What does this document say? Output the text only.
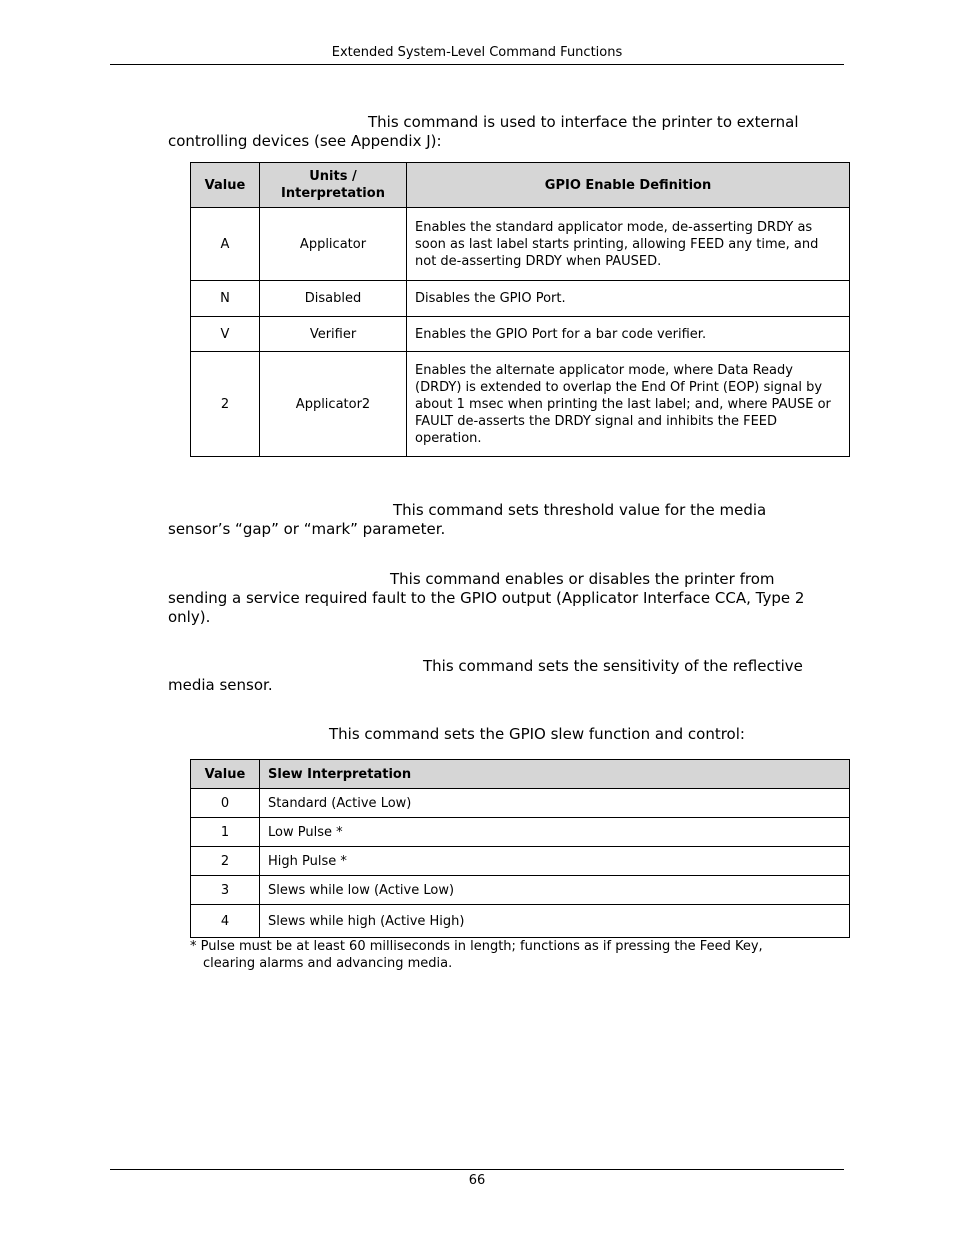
Extended System-Level Command Functions
This command is used to interface the printer to external
controlling devices (see Appendix J):
Value	Units / Interpretation	GPIO Enable Definition
A	Applicator	Enables the standard applicator mode, de-asserting DRDY as soon as last label starts printing, allowing FEED any time, and not de-asserting DRDY when PAUSED.
N	Disabled	Disables the GPIO Port.
V	Verifier	Enables the GPIO Port for a bar code verifier.
2	Applicator2	Enables the alternate applicator mode, where Data Ready (DRDY) is extended to overlap the End Of Print (EOP) signal by about 1 msec when printing the last label; and, where PAUSE or FAULT de-asserts the DRDY signal and inhibits the FEED operation.
This command sets threshold value for the media
sensor’s “gap” or “mark” parameter.
This command enables or disables the printer from
sending a service required fault to the GPIO output (Applicator Interface CCA, Type 2
only).
This command sets the sensitivity of the reflective
media sensor.
This command sets the GPIO slew function and control:
Value	Slew Interpretation
0	Standard (Active Low)
1	Low Pulse *
2	High Pulse *
3	Slews while low (Active Low)
4	Slews while high (Active High)
* Pulse must be at least 60 milliseconds in length; functions as if pressing the Feed Key,
clearing alarms and advancing media.
66
